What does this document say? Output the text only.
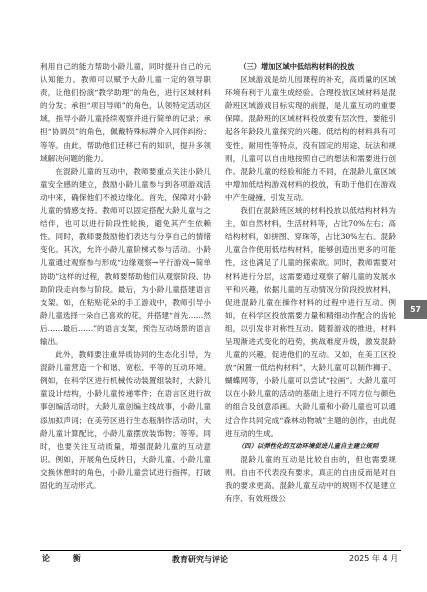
利用自己的能力帮助小龄儿童，同时提升自己的元认知能力。教师可以赋予大龄儿童一定的领导职责，让他们扮演“教学助理”的角色，进行区域材料的分发；承担“项目导师”的角色，认领特定活动区域，指导小龄儿童持续观察并进行简单的记录；承担“协调员”的角色，佩戴特殊标牌介入同伴纠纷；等等。由此，帮助他们迁移已有的知识，提升多领域解决问题的能力。

在混龄儿童的互动中，教师要重点关注小龄儿童安全感的建立，鼓励小龄儿童参与到各项游戏活动中来，确保他们不被边缘化。首先，保障对小龄儿童的情感支持。教师可以固定搭配大龄儿童与之结伴，也可以进行阶段性轮换，避免其产生依赖性。同时，教师要鼓励他们表达与分享自己的情绪变化。其次，允许小龄儿童阶梯式参与活动。小龄儿童通过观察参与形成“边缘观察→平行游戏→简单协助”这样的过程，教师要帮助他们从观察阶段、协助阶段走向参与阶段。最后，为小龄儿童搭建语言支架。如，在粘贴花朵的手工游戏中，教师引导小龄儿童选择一朵自己喜欢的花，并搭建“首先……然后……最后……”的语言支架，预告互动场景的语言输出。

此外，教师要注重异质协同的生态化引导，为混龄儿童营造一个和谐、宽松、平等的互动环境。例如，在科学区进行机械传动装置组装时，大龄儿童设计结构，小龄儿童传递零件；在语言区进行故事创编活动时，大龄儿童创编主线故事，小龄儿童添加拟声词；在美劳区进行生态瓶制作活动时，大龄儿童计算配比，小龄儿童摆放装饰物；等等。同时，也要关注互动质量，增强混龄儿童的互动意识。例如，开展角色反转日，大龄儿童、小龄儿童交换休憩时的角色，小龄儿童尝试进行指挥，打破固化的互动形式。

（三）增加区域中低结构材料的投放

区域游戏是幼儿园课程的补充，高质量的区域环境有利于儿童生成经验。合理投放区域材料是混龄班区域游戏目标实现的前提，是儿童互动的重要保障。混龄班的区域材料投放要有层次性，要能引起各年龄段儿童探究的兴趣。低结构的材料具有可变性、耐用性等特点，没有固定的用途、玩法和规则，儿童可以自由地按照自己的想法和需要进行创作。混龄儿童的经验和能力不同，在混龄儿童区域中增加低结构游戏材料的投放，有助于他们在游戏中产生碰撞，引发互动。

我们在混龄班区域的材料投放以低结构材料为主，如自然材料，生活材料等，占比70%左右；高结构材料，如拼图、穿珠等，占比30%左右。混龄儿童合作使用低结构材料，能够创造出更多的可能性，这也满足了儿童的探索欲。同时，教师需要对材料进行分层，这需要通过观察了解儿童的发展水平和兴趣，依据儿童的互动情况分阶段投放材料，促进混龄儿童在操作材料的过程中进行互动。例如，在科学区投放需要力量和精细动作配合的齿轮组，以引发非对称性互动。随着游戏的推进，材料呈现渐进式变化的趋势，挑战难度升级，激发混龄儿童的兴趣，促进他们的互动。又如，在美工区投放“闲置一低结构材料”，大龄儿童可以制作狮子、蝴蝶网等，小龄儿童可以尝试“拉画”。大龄儿童可以在小龄儿童的活动的基础上进行不同方位与颜色的组合及创意添画。大龄儿童和小龄儿童也可以通过合作共同完成“森林动物城”主题的创作，由此促进互动的生成。

（四）以弹性化的互动环境促进儿童自主建立规则

混龄儿童的互动是比较自由的，但也需要规则。自由不代表没有要求，真正的自由反而是对自我的要求更高。混龄儿童互动中的规则不仅是建立有序、有效班级公

57
论 衡	教育研究与评论	2025 年 4 月
